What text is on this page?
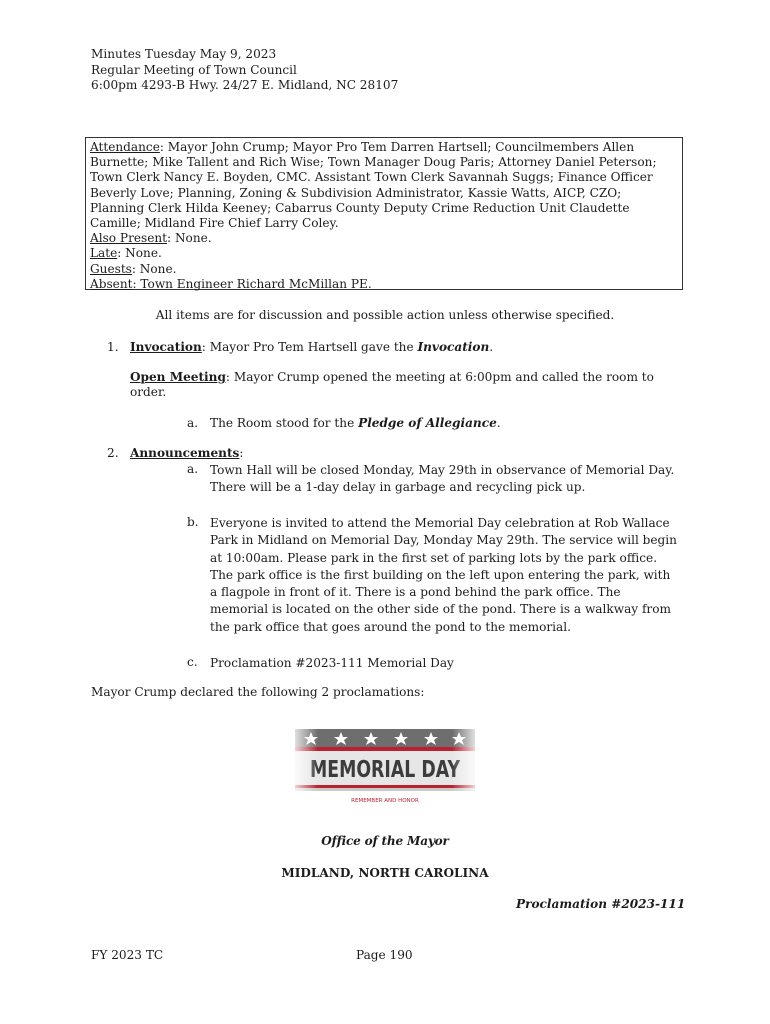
Minutes Tuesday May 9, 2023
Regular Meeting of Town Council
6:00pm 4293-B Hwy. 24/27 E. Midland, NC 28107
Attendance: Mayor John Crump; Mayor Pro Tem Darren Hartsell; Councilmembers Allen
Burnette; Mike Tallent and Rich Wise; Town Manager Doug Paris; Attorney Daniel Peterson;
Town Clerk Nancy E. Boyden, CMC. Assistant Town Clerk Savannah Suggs; Finance Officer
Beverly Love; Planning, Zoning & Subdivision Administrator, Kassie Watts, AICP, CZO;
Planning Clerk Hilda Keeney; Cabarrus County Deputy Crime Reduction Unit Claudette
Camille; Midland Fire Chief Larry Coley.
Also Present: None.
Late: None.
Guests: None.
Absent: Town Engineer Richard McMillan PE.
All items are for discussion and possible action unless otherwise specified.
1. Invocation: Mayor Pro Tem Hartsell gave the Invocation.
Open Meeting: Mayor Crump opened the meeting at 6:00pm and called the room to
order.
a. The Room stood for the Pledge of Allegiance.
2. Announcements:
a. Town Hall will be closed Monday, May 29th in observance of Memorial Day.
There will be a 1-day delay in garbage and recycling pick up.
b. Everyone is invited to attend the Memorial Day celebration at Rob Wallace
Park in Midland on Memorial Day, Monday May 29th. The service will begin
at 10:00am. Please park in the first set of parking lots by the park office.
The park office is the first building on the left upon entering the park, with
a flagpole in front of it. There is a pond behind the park office. The
memorial is located on the other side of the pond. There is a walkway from
the park office that goes around the pond to the memorial.
c. Proclamation #2023-111 Memorial Day
Mayor Crump declared the following 2 proclamations:
Office of the Mayor
MIDLAND, NORTH CAROLINA
Proclamation #2023-111
FY 2023 TC	Page 190
